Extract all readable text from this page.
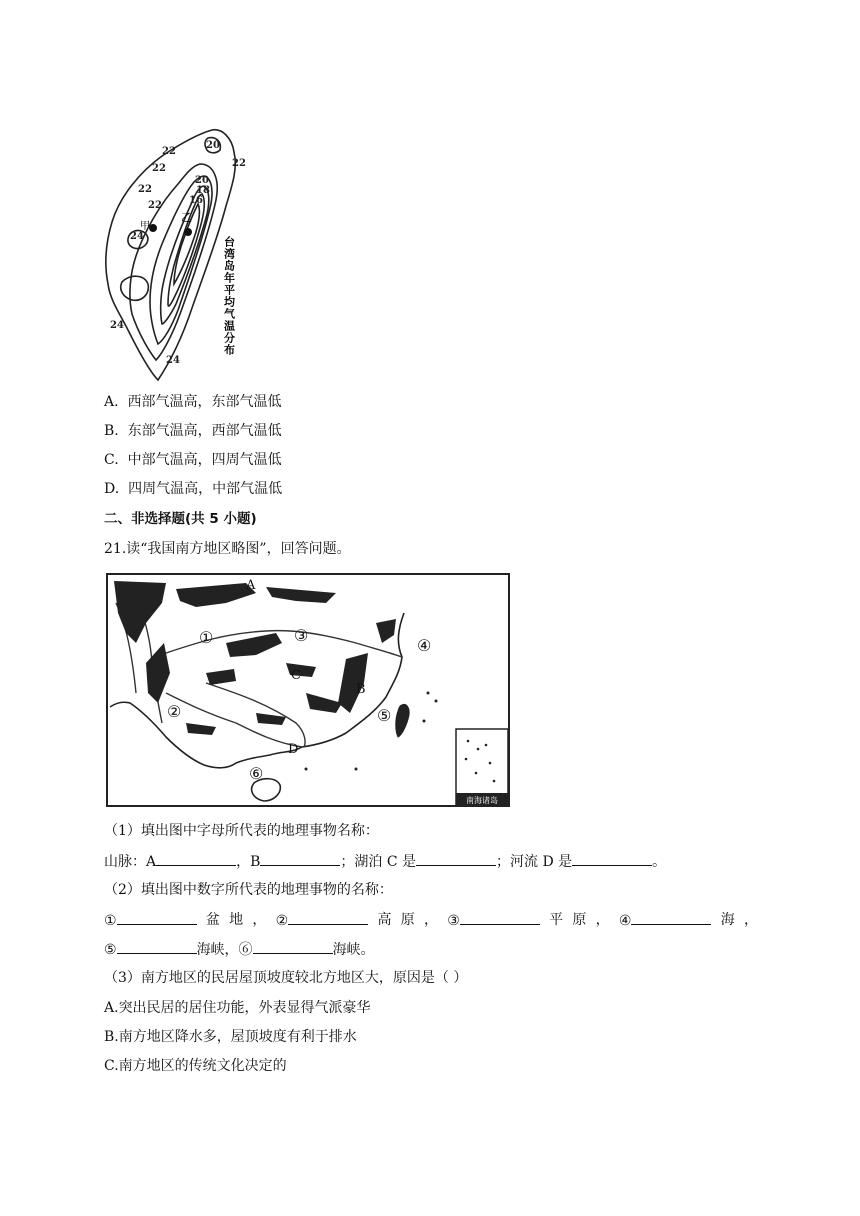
22
20
22
22
22
20
18
16
22
24
24
24
甲
乙
台湾岛年平均气温分布
A. 西部气温高，东部气温低
B. 东部气温高，西部气温低
C. 中部气温高，四周气温低
D. 四周气温高，中部气温低
二、非选择题(共 5 小题)
21.读“我国南方地区略图”，回答问题。
南海诸岛
A
B
C
D
①
②
③
④
⑤
⑥
（1）填出图中字母所代表的地理事物名称：
山脉：A	，B	；湖泊 C 是	；河流 D 是	。
（2）填出图中数字所代表的地理事物的名称：
①	盆 地 ， ②	高 原 ， ③	平 原 ， ④	海 ，
⑤	海峡，⑥	海峡。
（3）南方地区的民居屋顶坡度较北方地区大，原因是（ ）
A.突出民居的居住功能，外表显得气派豪华
B.南方地区降水多，屋顶坡度有利于排水
C.南方地区的传统文化决定的
